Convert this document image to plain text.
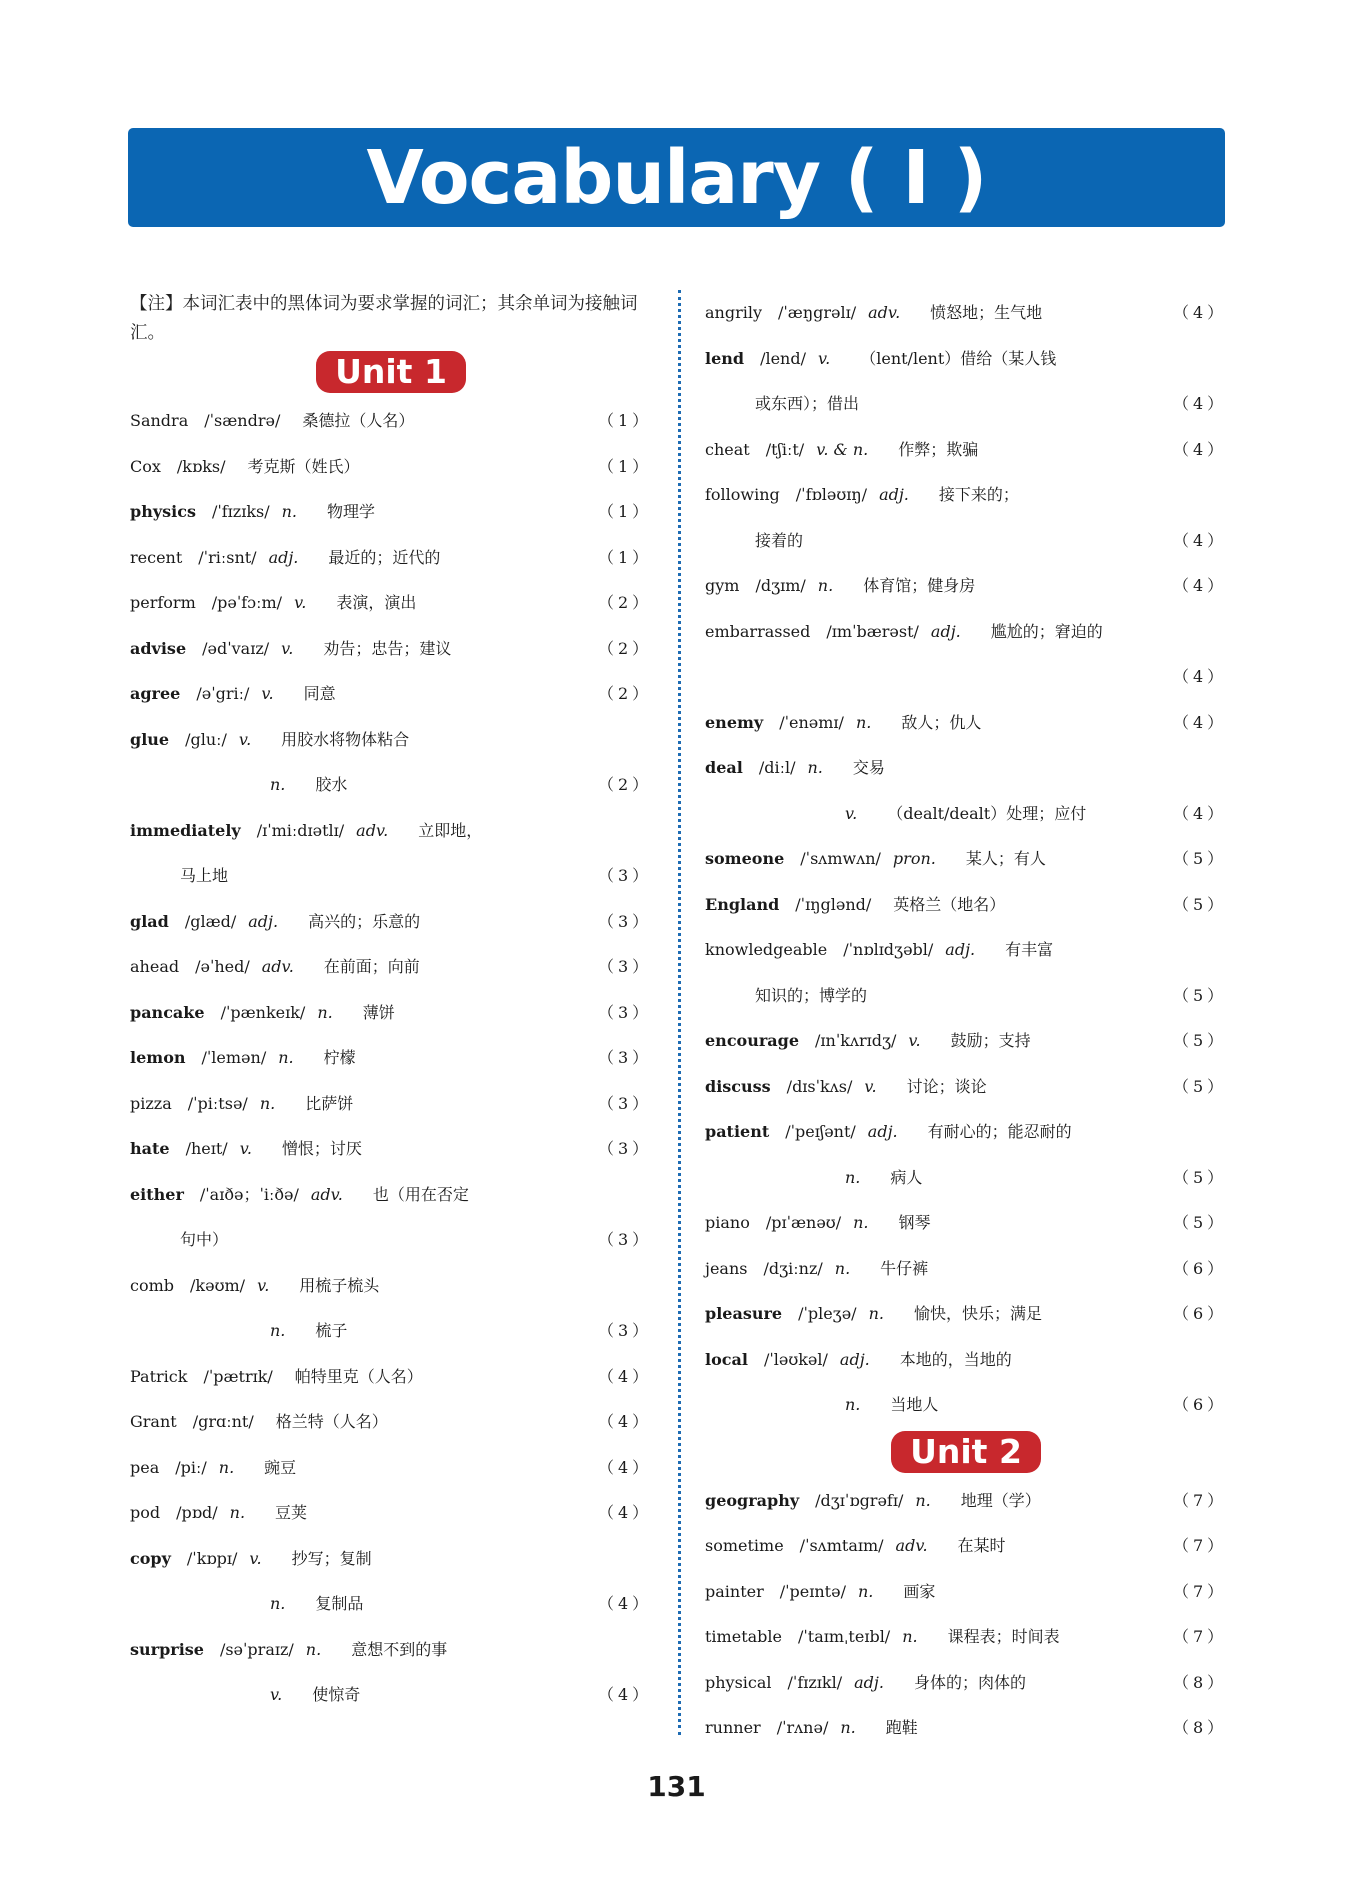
Vocabulary ( I )
【注】本词汇表中的黑体词为要求掌握的词汇；其余单词为接触词汇。
Unit 1
Sandra /ˈsændrə/ 桑德拉（人名）	（1）
Cox /kɒks/ 考克斯（姓氏）	（1）
physics /ˈfɪzɪks/ n. 物理学	（1）
recent /ˈriːsnt/ adj. 最近的；近代的	（1）
perform /pəˈfɔːm/ v. 表演，演出	（2）
advise /ədˈvaɪz/ v. 劝告；忠告；建议	（2）
agree /əˈgriː/ v. 同意	（2）
glue /gluː/ v. 用胶水将物体粘合
n. 胶水	（2）
immediately /ɪˈmiːdɪətlɪ/ adv. 立即地，
马上地	（3）
glad /glæd/ adj. 高兴的；乐意的	（3）
ahead /əˈhed/ adv. 在前面；向前	（3）
pancake /ˈpænkeɪk/ n. 薄饼	（3）
lemon /ˈlemən/ n. 柠檬	（3）
pizza /ˈpiːtsə/ n. 比萨饼	（3）
hate /heɪt/ v. 憎恨；讨厌	（3）
either /ˈaɪðə；ˈiːðə/ adv. 也（用在否定
句中）	（3）
comb /kəʊm/ v. 用梳子梳头
n. 梳子	（3）
Patrick /ˈpætrɪk/ 帕特里克（人名）	（4）
Grant /grɑːnt/ 格兰特（人名）	（4）
pea /piː/ n. 豌豆	（4）
pod /pɒd/ n. 豆荚	（4）
copy /ˈkɒpɪ/ v. 抄写；复制
n. 复制品	（4）
surprise /səˈpraɪz/ n. 意想不到的事
v. 使惊奇	（4）
angrily /ˈæŋgrəlɪ/ adv. 愤怒地；生气地	（4）
lend /lend/ v. （lent/lent）借给（某人钱
或东西）；借出	（4）
cheat /tʃiːt/ v. & n. 作弊；欺骗	（4）
following /ˈfɒləʊɪŋ/ adj. 接下来的；
接着的	（4）
gym /dʒɪm/ n. 体育馆；健身房	（4）
embarrassed /ɪmˈbærəst/ adj. 尴尬的；窘迫的
（4）
enemy /ˈenəmɪ/ n. 敌人；仇人	（4）
deal /diːl/ n. 交易
v. （dealt/dealt）处理；应付	（4）
someone /ˈsʌmwʌn/ pron. 某人；有人	（5）
England /ˈɪŋglənd/ 英格兰（地名）	（5）
knowledgeable /ˈnɒlɪdʒəbl/ adj. 有丰富
知识的；博学的	（5）
encourage /ɪnˈkʌrɪdʒ/ v. 鼓励；支持	（5）
discuss /dɪsˈkʌs/ v. 讨论；谈论	（5）
patient /ˈpeɪʃənt/ adj. 有耐心的；能忍耐的
n. 病人	（5）
piano /pɪˈænəʊ/ n. 钢琴	（5）
jeans /dʒiːnz/ n. 牛仔裤	（6）
pleasure /ˈpleʒə/ n. 愉快，快乐；满足	（6）
local /ˈləʊkəl/ adj. 本地的，当地的
n. 当地人	（6）
Unit 2
geography /dʒɪˈɒgrəfɪ/ n. 地理（学）	（7）
sometime /ˈsʌmtaɪm/ adv. 在某时	（7）
painter /ˈpeɪntə/ n. 画家	（7）
timetable /ˈtaɪmˌteɪbl/ n. 课程表；时间表	（7）
physical /ˈfɪzɪkl/ adj. 身体的；肉体的	（8）
runner /ˈrʌnə/ n. 跑鞋	（8）
131
